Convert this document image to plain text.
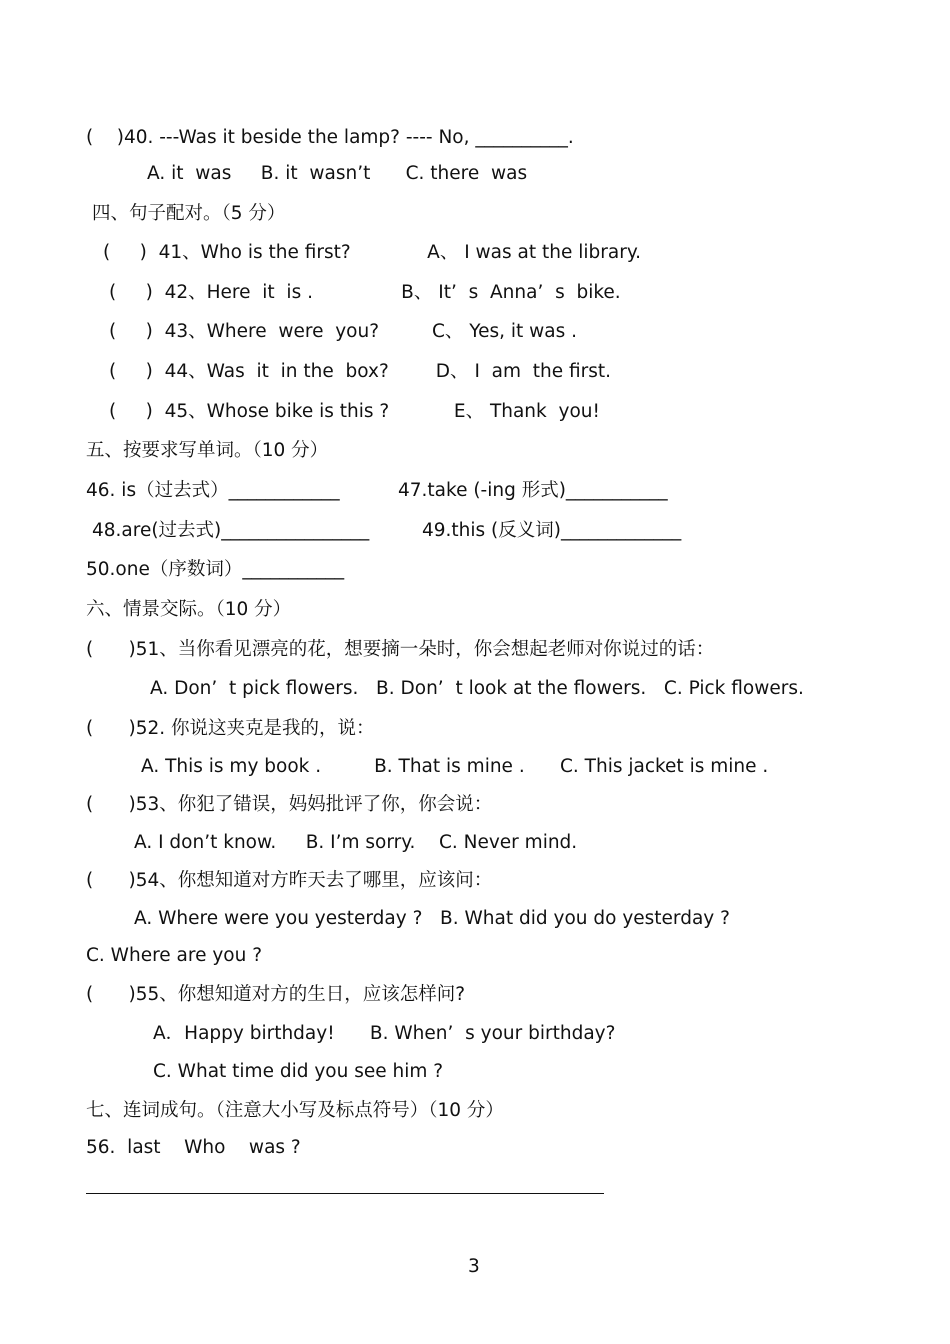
(    )40. ---Was it beside the lamp? ---- No, __________.
A. it  was     B. it  wasn’t      C. there  was
四、句子配对。（5 分）
(     )  41、Who is the first?             A、 I was at the library.
(     )  42、Here  it  is .               B、 It’  s  Anna’  s  bike.
(     )  43、Where  were  you?         C、 Yes, it was .
(     )  44、Was  it  in the  box?        D、 I  am  the first.
(     )  45、Whose bike is this ?           E、 Thank  you!
五、按要求写单词。（10 分）
46. is（过去式）____________	47.take (-ing 形式)___________
48.are(过去式)________________	49.this (反义词)_____________
50.one（序数词）___________
六、情景交际。（10 分）
(      )51、当你看见漂亮的花，想要摘一朵时，你会想起老师对你说过的话：
A. Don’  t pick flowers.   B. Don’  t look at the flowers.   C. Pick flowers.
(      )52. 你说这夹克是我的，说：
A. This is my book .         B. That is mine .      C. This jacket is mine .
(      )53、你犯了错误，妈妈批评了你，你会说：
A. I don’t know.     B. I’m sorry.    C. Never mind.
(      )54、你想知道对方昨天去了哪里，应该问：
A. Where were you yesterday ?   B. What did you do yesterday ?
C. Where are you ?
(      )55、你想知道对方的生日，应该怎样问?
A．Happy birthday!      B. When’  s your birthday?
C. What time did you see him ?
七、连词成句。（注意大小写及标点符号）（10 分）
56.  last    Who    was ?
3
